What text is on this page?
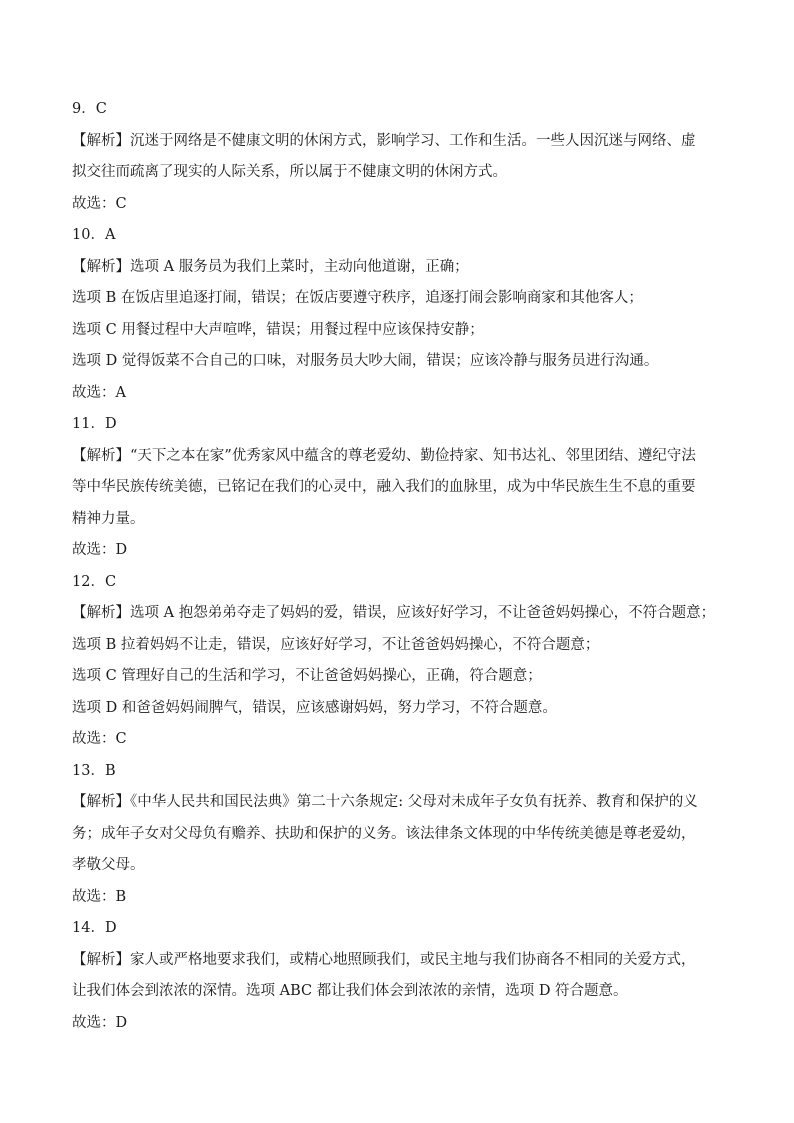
9．C
【解析】沉迷于网络是不健康文明的休闲方式，影响学习、工作和生活。一些人因沉迷与网络、虚
拟交往而疏离了现实的人际关系，所以属于不健康文明的休闲方式。
故选：C
10．A
【解析】选项 A 服务员为我们上菜时，主动向他道谢，正确；
选项 B 在饭店里追逐打闹，错误；在饭店要遵守秩序，追逐打闹会影响商家和其他客人；
选项 C 用餐过程中大声喧哗，错误；用餐过程中应该保持安静；
选项 D 觉得饭菜不合自己的口味，对服务员大吵大闹，错误；应该冷静与服务员进行沟通。
故选：A
11．D
【解析】“天下之本在家”优秀家风中蕴含的尊老爱幼、勤俭持家、知书达礼、邻里团结、遵纪守法
等中华民族传统美德，已铭记在我们的心灵中，融入我们的血脉里，成为中华民族生生不息的重要
精神力量。
故选：D
12．C
【解析】选项 A 抱怨弟弟夺走了妈妈的爱，错误，应该好好学习，不让爸爸妈妈操心，不符合题意；
选项 B 拉着妈妈不让走，错误，应该好好学习，不让爸爸妈妈操心，不符合题意；
选项 C 管理好自己的生活和学习，不让爸爸妈妈操心，正确，符合题意；
选项 D 和爸爸妈妈闹脾气，错误，应该感谢妈妈，努力学习，不符合题意。
故选：C
13．B
【解析】《中华人民共和国民法典》第二十六条规定: 父母对未成年子女负有抚养、教育和保护的义
务；成年子女对父母负有赡养、扶助和保护的义务。该法律条文体现的中华传统美德是尊老爱幼，
孝敬父母。
故选：B
14．D
【解析】家人或严格地要求我们，或精心地照顾我们，或民主地与我们协商各不相同的关爱方式，
让我们体会到浓浓的深情。选项 ABC 都让我们体会到浓浓的亲情，选项 D 符合题意。
故选：D
